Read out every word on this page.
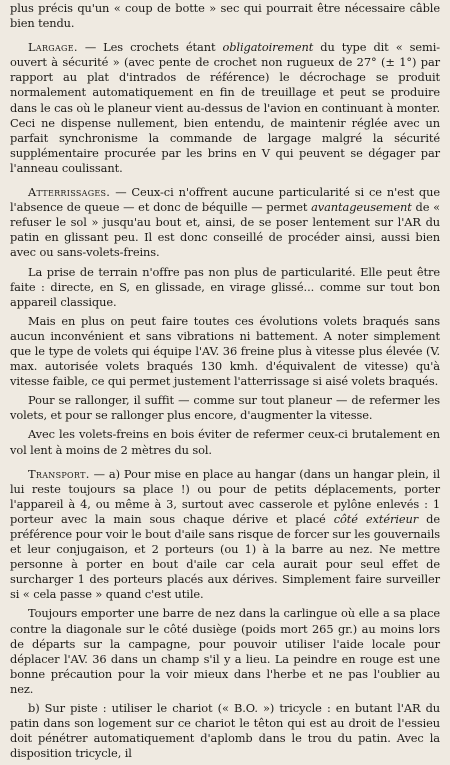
plus précis qu'un « coup de botte » sec qui pourrait être nécessaire câble bien tendu.

Largage. — Les crochets étant obligatoirement du type dit « semi-ouvert à sécurité » (avec pente de crochet non rugueux de 27° (± 1°) par rapport au plat d'intrados de référence) le décrochage se produit normalement automatiquement en fin de treuillage et peut se produire dans le cas où le planeur vient au-dessus de l'avion en continuant à monter. Ceci ne dispense nullement, bien entendu, de maintenir réglée avec un parfait synchronisme la commande de largage malgré la sécurité supplémentaire procurée par les brins en V qui peuvent se dégager par l'anneau coulissant.

Atterrissages. — Ceux-ci n'offrent aucune particularité si ce n'est que l'absence de queue — et donc de béquille — permet avantageusement de « refuser le sol » jusqu'au bout et, ainsi, de se poser lentement sur l'AR du patin en glissant peu. Il est donc conseillé de procéder ainsi, aussi bien avec ou sans-volets-freins.

La prise de terrain n'offre pas non plus de particularité. Elle peut être faite : directe, en S, en glissade, en virage glissé... comme sur tout bon appareil classique.

Mais en plus on peut faire toutes ces évolutions volets braqués sans aucun inconvénient et sans vibrations ni battement. A noter simplement que le type de volets qui équipe l'AV. 36 freine plus à vitesse plus élevée (V. max. autorisée volets braqués 130 kmh. d'équivalent de vitesse) qu'à vitesse faible, ce qui permet justement l'atterrissage si aisé volets braqués.

Pour se rallonger, il suffit — comme sur tout planeur — de refermer les volets, et pour se rallonger plus encore, d'augmenter la vitesse.

Avec les volets-freins en bois éviter de refermer ceux-ci brutalement en vol lent à moins de 2 mètres du sol.

Transport. — a) Pour mise en place au hangar (dans un hangar plein, il lui reste toujours sa place !) ou pour de petits déplacements, porter l'appareil à 4, ou même à 3, surtout avec casserole et pylône enlevés : 1 porteur avec la main sous chaque dérive et placé côté extérieur de préférence pour voir le bout d'aile sans risque de forcer sur les gouvernails et leur conjugaison, et 2 porteurs (ou 1) à la barre au nez. Ne mettre personne à porter en bout d'aile car cela aurait pour seul effet de surcharger 1 des porteurs placés aux dérives. Simplement faire surveiller si « cela passe » quand c'est utile.

Toujours emporter une barre de nez dans la carlingue où elle a sa place contre la diagonale sur le côté dusiège (poids mort 265 gr.) au moins lors de départs sur la campagne, pour pouvoir utiliser l'aide locale pour déplacer l'AV. 36 dans un champ s'il y a lieu. La peindre en rouge est une bonne précaution pour la voir mieux dans l'herbe et ne pas l'oublier au nez.

b) Sur piste : utiliser le chariot (« B.O. ») tricycle : en butant l'AR du patin dans son logement sur ce chariot le têton qui est au droit de l'essieu doit pénétrer automatiquement d'aplomb dans le trou du patin. Avec la disposition tricycle, il
